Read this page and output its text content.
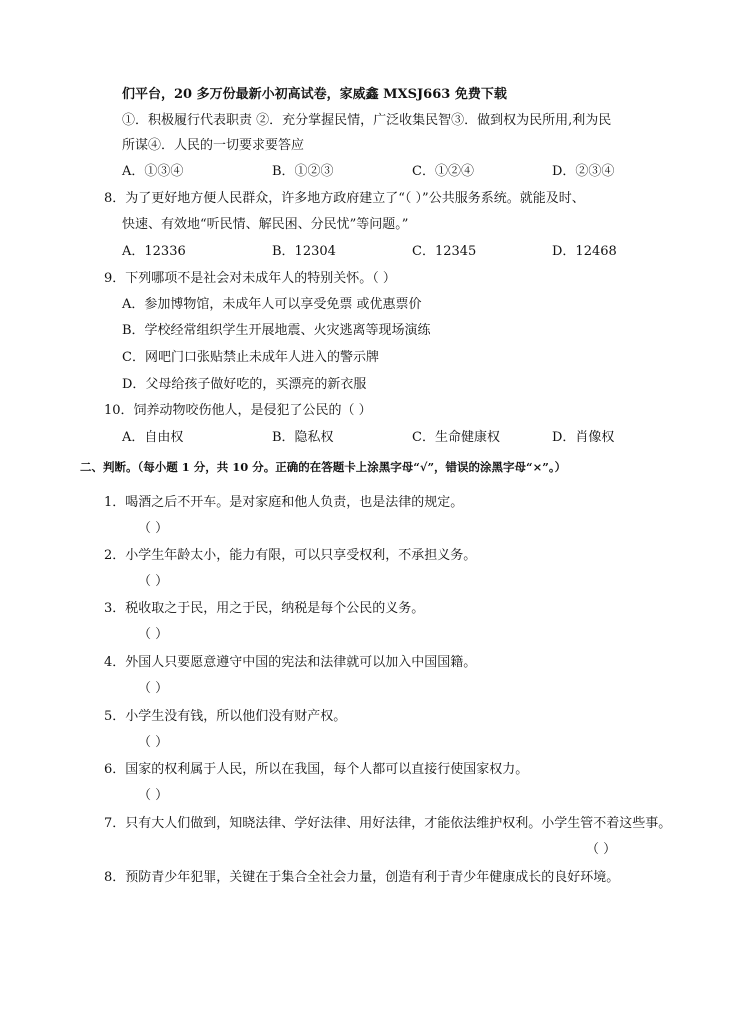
们平台，20 多万份最新小初高试卷，家威鑫 MXSJ663 免费下载
①．积极履行代表职责 ②．充分掌握民情，广泛收集民智③．做到权为民所用,利为民
所谋④．人民的一切要求要答应
A．①③④	B．①②③	C．①②④	D．②③④
8．为了更好地方便人民群众，许多地方政府建立了“（ ）”公共服务系统。就能及时、
快速、有效地“听民情、解民困、分民忧”等问题。”
A．12336	B．12304	C．12345	D．12468
9．下列哪项不是社会对未成年人的特别关怀。（ ）
A．参加博物馆，未成年人可以享受免票 或优惠票价
B．学校经常组织学生开展地震、火灾逃离等现场演练
C．网吧门口张贴禁止未成年人进入的警示牌
D．父母给孩子做好吃的，买漂亮的新衣服
10．饲养动物咬伤他人，是侵犯了公民的（ ）
A．自由权	B．隐私权	C．生命健康权	D．肖像权
二、判断。（每小题 1 分，共 10 分。正确的在答题卡上涂黑字母“√”，错误的涂黑字母“×”。）
1．喝酒之后不开车。是对家庭和他人负责，也是法律的规定。
（ ）
2．小学生年龄太小，能力有限，可以只享受权利，不承担义务。
（ ）
3．税收取之于民，用之于民，纳税是每个公民的义务。
（ ）
4．外国人只要愿意遵守中国的宪法和法律就可以加入中国国籍。
（ ）
5．小学生没有钱，所以他们没有财产权。
（ ）
6．国家的权利属于人民，所以在我国，每个人都可以直接行使国家权力。
（ ）
7．只有大人们做到，知晓法律、学好法律、用好法律，才能依法维护权利。小学生管不着这些事。
（ ）
8．预防青少年犯罪，关键在于集合全社会力量，创造有利于青少年健康成长的良好环境。
